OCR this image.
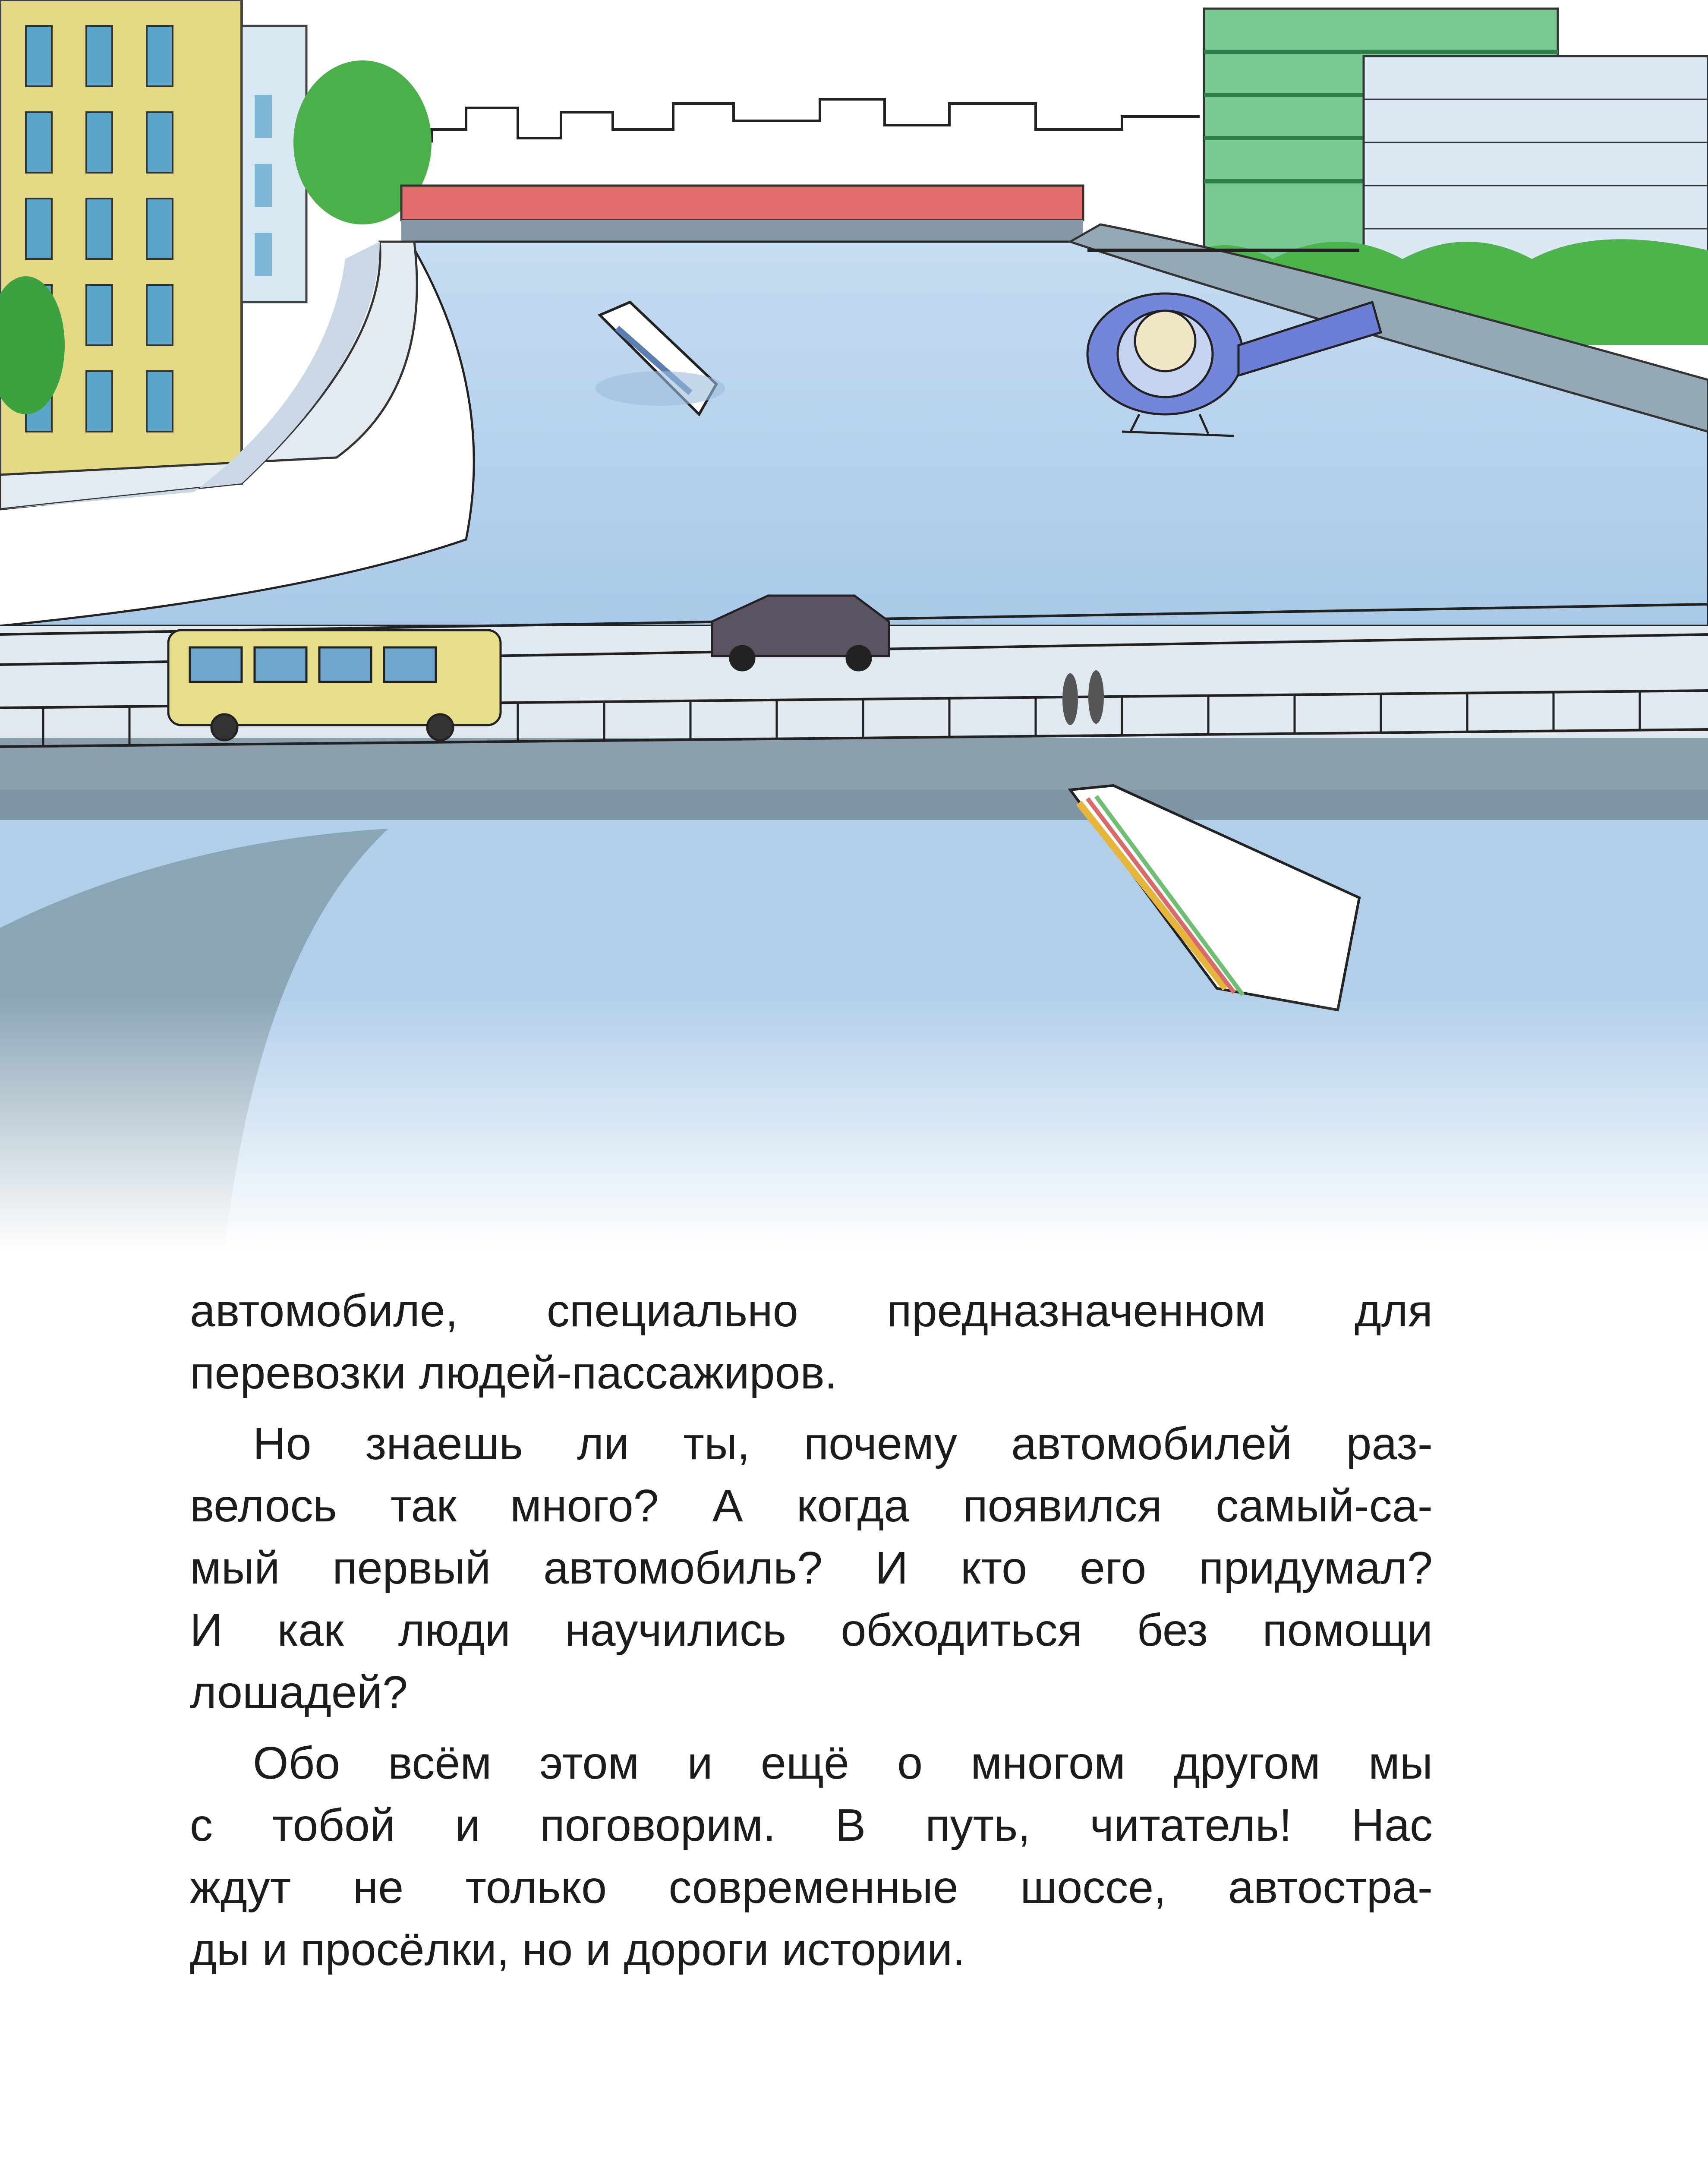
автомобиле, специально предназначенном для
перевозки людей-пассажиров.

Но знаешь ли ты, почему автомобилей раз-
велось так много? А когда появился самый-са-
мый первый автомобиль? И кто его придумал?
И как люди научились обходиться без помощи
лошадей?

Обо всём этом и ещё о многом другом мы
с тобой и поговорим. В путь, читатель! Нас
ждут не только современные шоссе, автостра-
ды и просёлки, но и дороги истории.
